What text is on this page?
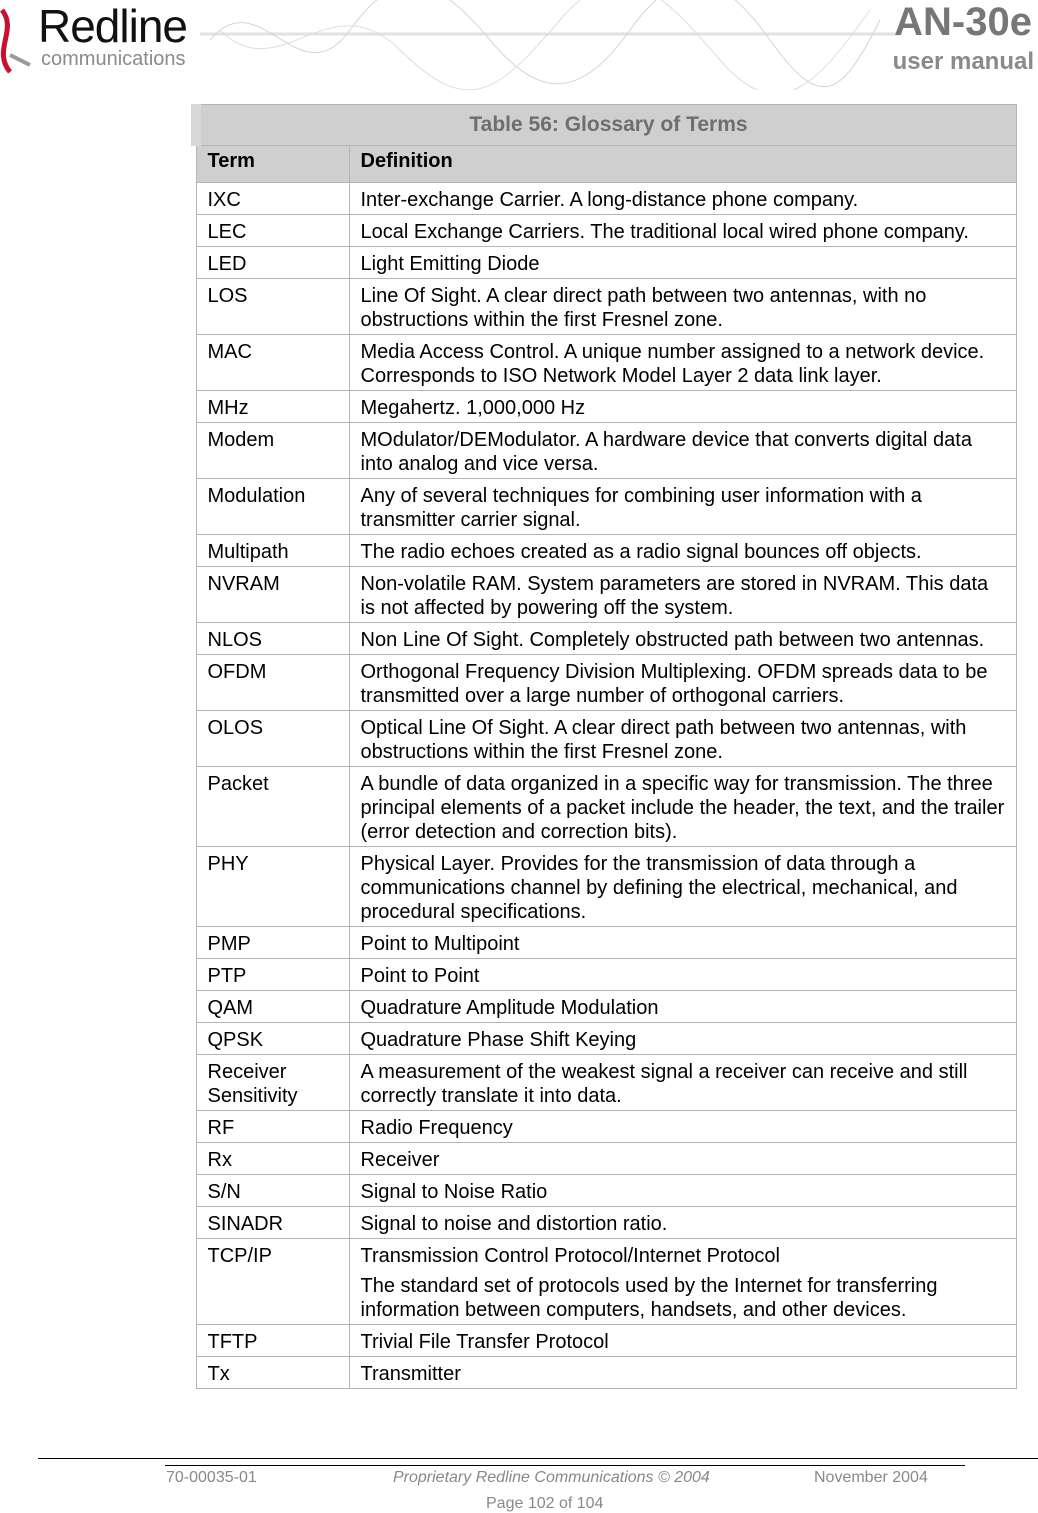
Redline
communications
AN-30e
user manual
Table 56: Glossary of Terms	
Term	Definition
IXC	Inter-exchange Carrier. A long-distance phone company.

LEC	Local Exchange Carriers. The traditional local wired phone company.

LED	Light Emitting Diode

LOS	Line Of Sight. A clear direct path between two antennas, with no obstructions within the first Fresnel zone.

MAC	Media Access Control. A unique number assigned to a network device. Corresponds to ISO Network Model Layer 2 data link layer.

MHz	Megahertz. 1,000,000 Hz

Modem	MOdulator/DEModulator. A hardware device that converts digital data into analog and vice versa.

Modulation	Any of several techniques for combining user information with a transmitter carrier signal.

Multipath	The radio echoes created as a radio signal bounces off objects.

NVRAM	Non-volatile RAM. System parameters are stored in NVRAM. This data is not affected by powering off the system.

NLOS	Non Line Of Sight. Completely obstructed path between two antennas.

OFDM	Orthogonal Frequency Division Multiplexing. OFDM spreads data to be transmitted over a large number of orthogonal carriers.

OLOS	Optical Line Of Sight. A clear direct path between two antennas, with obstructions within the first Fresnel zone.

Packet	A bundle of data organized in a specific way for transmission. The three principal elements of a packet include the header, the text, and the trailer (error detection and correction bits).

PHY	Physical Layer. Provides for the transmission of data through a communications channel by defining the electrical, mechanical, and procedural specifications.

PMP	Point to Multipoint

PTP	Point to Point

QAM	Quadrature Amplitude Modulation

QPSK	Quadrature Phase Shift Keying

Receiver Sensitivity	A measurement of the weakest signal a receiver can receive and still correctly translate it into data.

RF	Radio Frequency

Rx	Receiver

S/N	Signal to Noise Ratio

SINADR	Signal to noise and distortion ratio.

TCP/IP	Transmission Control Protocol/Internet Protocol
The standard set of protocols used by the Internet for transferring information between computers, handsets, and other devices.

TFTP	Trivial File Transfer Protocol

Tx	Transmitter
70-00035-01	Proprietary Redline Communications © 2004	November 2004
Page 102 of 104
